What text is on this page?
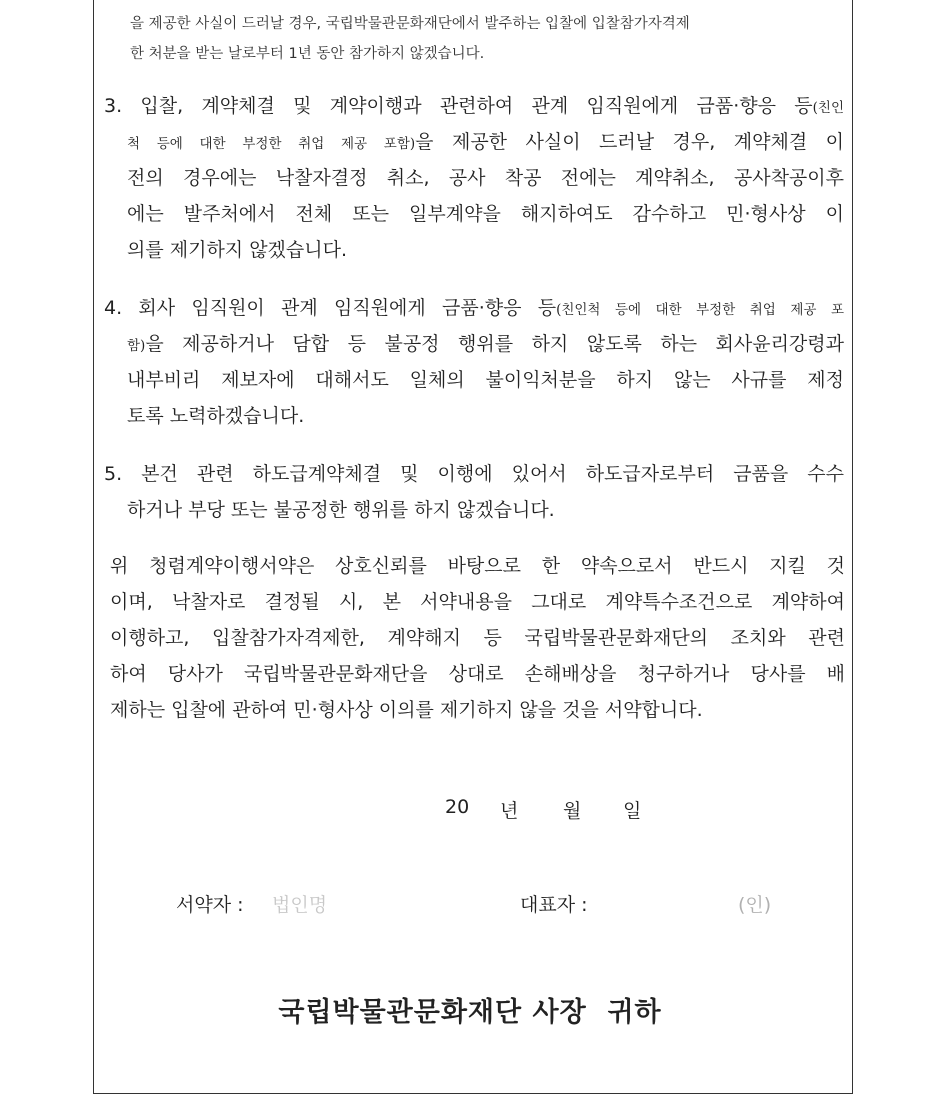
을 제공한 사실이 드러날 경우, 국립박물관문화재단에서 발주하는 입찰에 입찰참가자격제
한 처분을 받는 날로부터 1년 동안 참가하지 않겠습니다.
3. 입찰, 계약체결 및 계약이행과 관련하여 관계 임직원에게 금품·향응 등(친인
척 등에 대한 부정한 취업 제공 포함)을 제공한 사실이 드러날 경우, 계약체결 이
전의 경우에는 낙찰자결정 취소, 공사 착공 전에는 계약취소, 공사착공이후
에는 발주처에서 전체 또는 일부계약을 해지하여도 감수하고 민·형사상 이
의를 제기하지 않겠습니다.
4. 회사 임직원이 관계 임직원에게 금품·향응 등(친인척 등에 대한 부정한 취업 제공 포
함)을 제공하거나 담합 등 불공정 행위를 하지 않도록 하는 회사윤리강령과
내부비리 제보자에 대해서도 일체의 불이익처분을 하지 않는 사규를 제정
토록 노력하겠습니다.
5. 본건 관련 하도급계약체결 및 이행에 있어서 하도급자로부터 금품을 수수
하거나 부당 또는 불공정한 행위를 하지 않겠습니다.
위 청렴계약이행서약은 상호신뢰를 바탕으로 한 약속으로서 반드시 지킬 것
이며, 낙찰자로 결정될 시, 본 서약내용을 그대로 계약특수조건으로 계약하여
이행하고, 입찰참가자격제한, 계약해지 등 국립박물관문화재단의 조치와 관련
하여 당사가 국립박물관문화재단을 상대로 손해배상을 청구하거나 당사를 배
제하는 입찰에 관하여 민·형사상 이의를 제기하지 않을 것을 서약합니다.
20 년 월 일
서약자 : 법인명	대표자 :	(인)
국립박물관문화재단 사장  귀하
